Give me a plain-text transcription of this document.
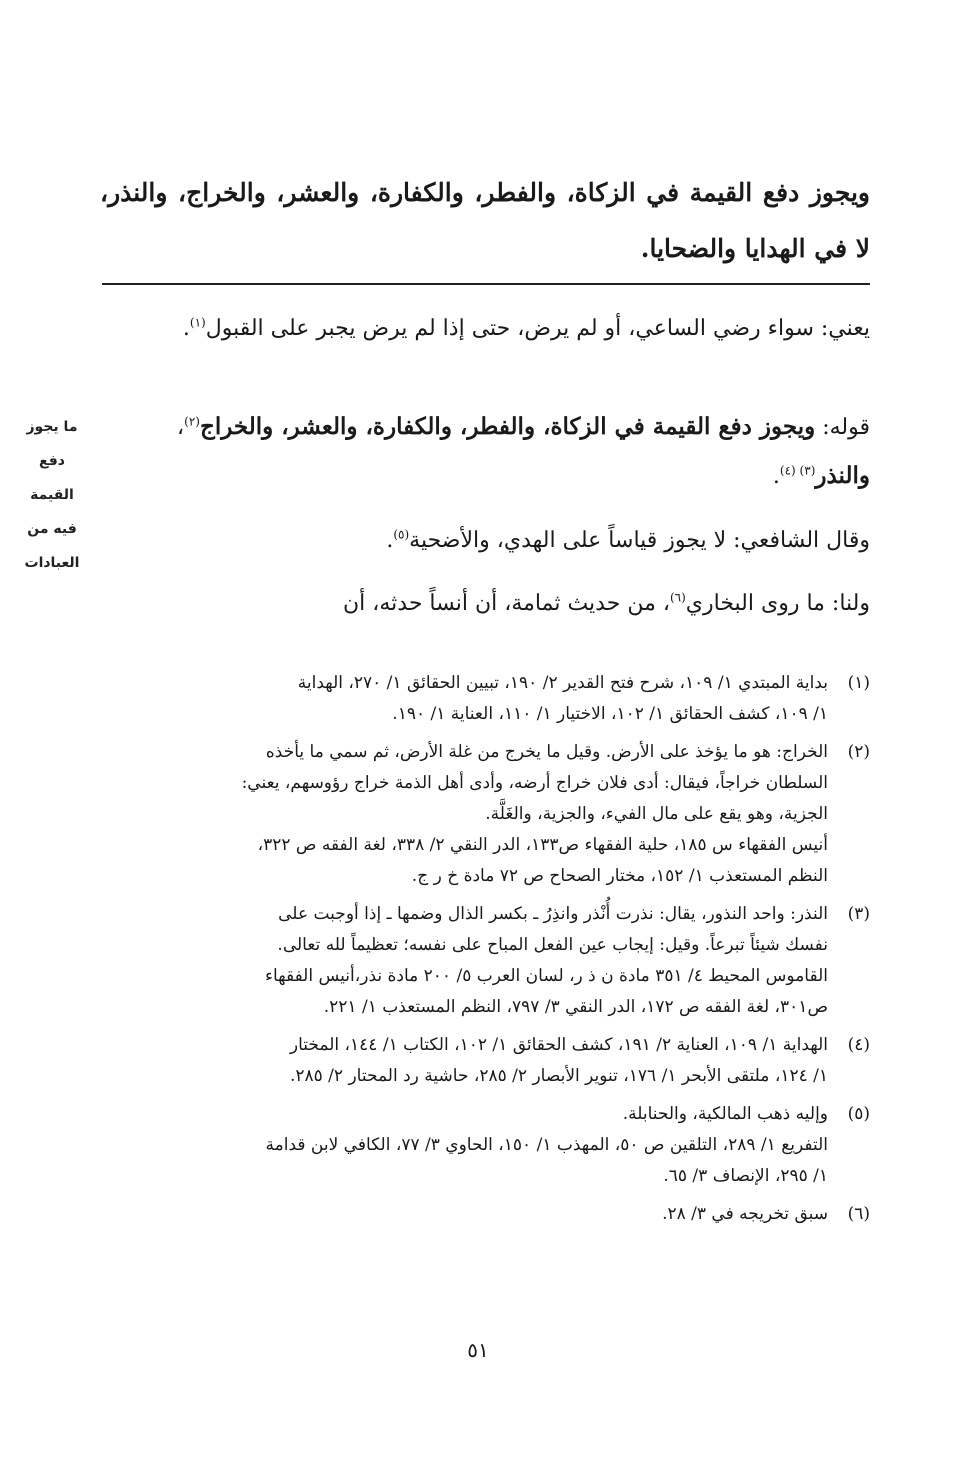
ويجوز دفع القيمة في الزكاة، والفطر، والكفارة، والعشر، والخراج، والنذر، لا في الهدايا والضحايا.
يعني: سواء رضي الساعي، أو لم يرض، حتى إذا لم يرض يجبر على القبول$^{(١)}$.
قوله: ويجوز دفع القيمة في الزكاة، والفطر، والكفارة، والعشر، والخراج$^{(٢)}$، والنذر$^{(٣) (٤)}$.
وقال الشافعي: لا يجوز قياساً على الهدي، والأضحية$^{(٥)}$.
ولنا: ما روى البخاري$^{(٦)}$، من حديث ثمامة، أن أنساً حدثه، أن
ما يجوز
دفع
القيمة
فيه من
العبادات
(١)
بداية المبتدي ١/ ١٠٩، شرح فتح القدير ٢/ ١٩٠، تبيين الحقائق ١/ ٢٧٠، الهداية
١/ ١٠٩، كشف الحقائق ١/ ١٠٢، الاختيار ١/ ١١٠، العناية ١/ ١٩٠.
(٢)
الخراج: هو ما يؤخذ على الأرض. وقيل ما يخرج من غلة الأرض، ثم سمي ما يأخذه
السلطان خراجاً، فيقال: أدى فلان خراج أرضه، وأدى أهل الذمة خراج رؤوسهم، يعني:
الجزية، وهو يقع على مال الفيء، والجزية، والغَلَّة.
أنيس الفقهاء س ١٨٥، حلية الفقهاء ص١٣٣، الدر النقي ٢/ ٣٣٨، لغة الفقه ص ٣٢٢،
النظم المستعذب ١/ ١٥٢، مختار الصحاح ص ٧٢ مادة خ ر ج.
(٣)
النذر: واحد النذور، يقال: نذرت أُنْذر وانذِرُ ـ بكسر الذال وضمها ـ إذا أوجبت على
نفسك شيئاً تبرعاً. وقيل: إيجاب عين الفعل المباح على نفسه؛ تعظيماً لله تعالى.
القاموس المحيط ٤/ ٣٥١ مادة ن ذ ر، لسان العرب ٥/ ٢٠٠ مادة نذر،أنيس الفقهاء
ص٣٠١، لغة الفقه ص ١٧٢، الدر النقي ٣/ ٧٩٧، النظم المستعذب ١/ ٢٢١.
(٤)
الهداية ١/ ١٠٩، العناية ٢/ ١٩١، كشف الحقائق ١/ ١٠٢، الكتاب ١/ ١٤٤، المختار
١/ ١٢٤، ملتقى الأبحر ١/ ١٧٦، تنوير الأبصار ٢/ ٢٨٥، حاشية رد المحتار ٢/ ٢٨٥.
(٥)
وإليه ذهب المالكية، والحنابلة.
التفريع ١/ ٢٨٩، التلقين ص ٥٠، المهذب ١/ ١٥٠، الحاوي ٣/ ٧٧، الكافي لابن قدامة
١/ ٢٩٥، الإنصاف ٣/ ٦٥.
(٦)
سبق تخريجه في ٣/ ٢٨.
٥١
